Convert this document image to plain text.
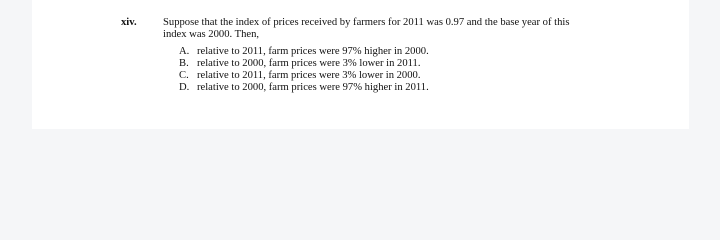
xiv. Suppose that the index of prices received by farmers for 2011 was 0.97 and the base year of this
index was 2000. Then,
A. relative to 2011, farm prices were 97% higher in 2000.
B. relative to 2000, farm prices were 3% lower in 2011.
C. relative to 2011, farm prices were 3% lower in 2000.
D. relative to 2000, farm prices were 97% higher in 2011.
